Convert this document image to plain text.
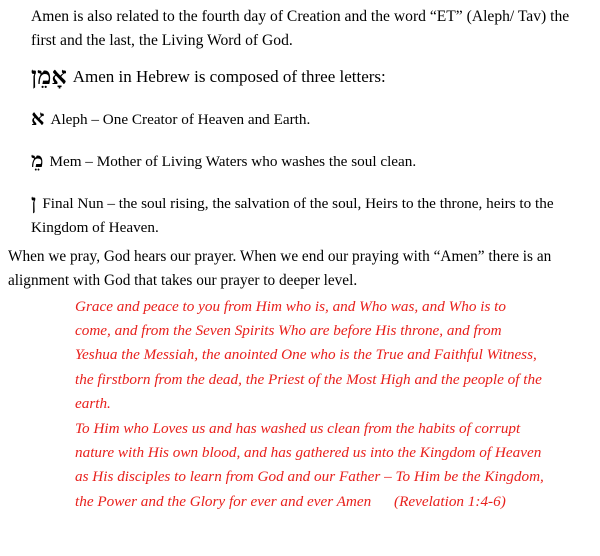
Amen is also related to the fourth day of Creation and the word “ET” (Aleph/ Tav) the first and the last, the Living Word of God.

אָמֵן Amen in Hebrew is composed of three letters:

א Aleph – One Creator of Heaven and Earth.

מֵ Mem – Mother of Living Waters who washes the soul clean.

ן Final Nun – the soul rising, the salvation of the soul, Heirs to the throne, heirs to the Kingdom of Heaven.

When we pray, God hears our prayer. When we end our praying with “Amen” there is an alignment with God that takes our prayer to deeper level.

Grace and peace to you from Him who is, and Who was, and Who is to come, and from the Seven Spirits Who are before His throne, and from Yeshua the Messiah, the anointed One who is the True and Faithful Witness, the firstborn from the dead, the Priest of the Most High and the people of the earth.

To Him who Loves us and has washed us clean from the habits of corrupt nature with His own blood, and has gathered us into the Kingdom of Heaven as His disciples to learn from God and our Father – To Him be the Kingdom, the Power and the Glory for ever and ever Amen (Revelation 1:4-6)
